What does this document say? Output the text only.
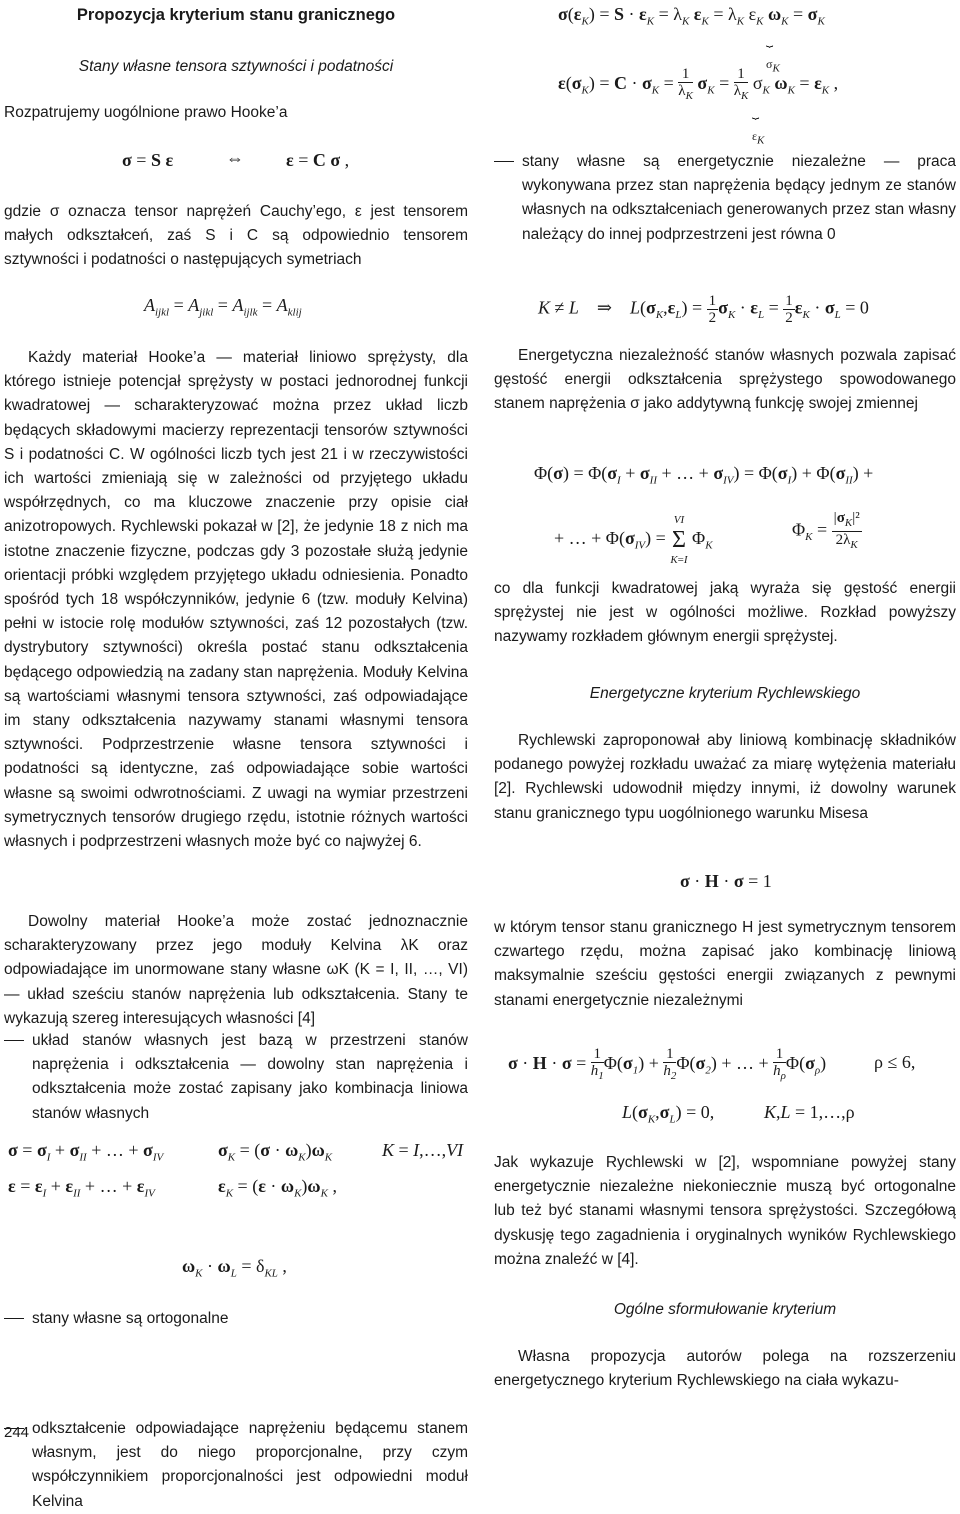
Propozycja kryterium stanu granicznego
Stany własne tensora sztywności i podatności
Rozpatrujemy uogólnione prawo Hooke’a
σ = S ε	⇔ ε = C σ ,
gdzie σ oznacza tensor naprężeń Cauchy’ego, ε jest tensorem małych odkształceń, zaś S i C są odpowiednio tensorem sztywności i podatności o następujących symetriach
$A_{ijkl} = A_{jikl} = A_{ijlk} = A_{klij}$
Każdy materiał Hooke’a — materiał liniowo sprężysty, dla którego istnieje potencjał sprężysty w postaci jednorodnej funkcji kwadratowej — scharakteryzować można przez układ liczb będących składowymi macierzy reprezentacji tensorów sztywności S i podatności C. W ogólności liczb tych jest 21 i w rzeczywistości ich wartości zmieniają się w zależności od przyjętego układu współrzędnych, co ma kluczowe znaczenie przy opisie ciał anizotropowych. Rychlewski pokazał w [2], że jedynie 18 z nich ma istotne znaczenie fizyczne, podczas gdy 3 pozostałe służą jedynie orientacji próbki względem przyjętego układu odniesienia. Ponadto spośród tych 18 współczynników, jedynie 6 (tzw. moduły Kelvina) pełni w istocie rolę modułów sztywności, zaś 12 pozostałych (tzw. dystrybutory sztywności) określa postać stanu odkształcenia będącego odpowiedzią na zadany stan naprężenia. Moduły Kelvina są wartościami własnymi tensora sztywności, zaś odpowiadające im stany odkształcenia nazywamy stanami własnymi tensora sztywności. Podprzestrzenie własne tensora sztywności i podatności są identyczne, zaś odpowiadające sobie wartości własne są swoimi odwrotnościami. Z uwagi na wymiar przestrzeni symetrycznych tensorów drugiego rzędu, istotnie różnych wartości własnych i podprzestrzeni własnych może być co najwyżej 6.
Dowolny materiał Hooke’a może zostać jednoznacznie scharakteryzowany przez jego moduły Kelvina λK oraz odpowiadające im unormowane stany własne ωK (K = I, II, …, VI) — układ sześciu stanów naprężenia lub odkształcenia. Stany te wykazują szereg interesujących własności [4]
układ stanów własnych jest bazą w przestrzeni stanów naprężenia i odkształcenia — dowolny stan naprężenia i odkształcenia może zostać zapisany jako kombinacja liniowa stanów własnych
$\sigma = \sigma_I + \sigma_{II}$ + … + $\sigma_{IV}$	$\sigma_K = (\sigma \cdot \omega_K)\omega_K$	K = I,…,VI
$\varepsilon = \varepsilon_I + \varepsilon_{II}$ + … + $\varepsilon_{IV}$	$\varepsilon_K = (\varepsilon \cdot \omega_K)\omega_K$ ,
stany własne są ortogonalne
$\omega_K \cdot \omega_L = \delta_{KL}$ ,
odkształcenie odpowiadające naprężeniu będącemu stanem własnym, jest do niego proporcjonalne, przy czym współczynnikiem proporcjonalności jest odpowiedni moduł Kelvina
$\sigma(\varepsilon_K) = S \cdot \varepsilon_K = \lambda_K$ $\varepsilon_K = \lambda_K$ $\varepsilon_K$ $\omega_K = \sigma_K$
⏟
$\sigma_K$
$\varepsilon(\sigma_K) = C \cdot \sigma_K = \frac{1}{\lambda_K} \sigma_K = \frac{1}{\lambda_K} \sigma_K$ $\omega_K = \varepsilon_K$ ,
⏟
$\varepsilon_K$
stany własne są energetycznie niezależne — praca wykonywana przez stan naprężenia będący jednym ze stanów własnych na odkształceniach generowanych przez stan własny należący do innej podprzestrzeni jest równa 0
K ≠ L    ⇒    $L(\sigma_K,\varepsilon_L) = \frac{1}{2} \sigma_K \cdot \varepsilon_L = \frac{1}{2} \varepsilon_K \cdot \sigma_L = 0$
Energetyczna niezależność stanów własnych pozwala zapisać gęstość energii odkształcenia sprężystego spowodowanego stanem naprężenia σ jako addytywną funkcję swojej zmiennej
$\Phi(\sigma) = \Phi(\sigma_I + \sigma_{II}$ + … + $\sigma_{IV}) = \Phi(\sigma_I) + \Phi(\sigma_{II})$ +
+ … + $\Phi(\sigma_{IV})$ =
VI
Σ
K=I
$\Phi_K$
$\Phi_K = \frac{|\sigma_K|^2}{2\lambda_K}$
co dla funkcji kwadratowej jaką wyraża się gęstość energii sprężystej nie jest w ogólności możliwe. Rozkład powyższy nazywamy rozkładem głównym energii sprężystej.
Energetyczne kryterium Rychlewskiego
Rychlewski zaproponował aby liniową kombinację składników podanego powyżej rozkładu uważać za miarę wytężenia materiału [2]. Rychlewski udowodnił między innymi, iż dowolny warunek stanu granicznego typu uogólnionego warunku Misesa
σ · H · σ = 1
w którym tensor stanu granicznego H jest symetrycznym tensorem czwartego rzędu, można zapisać jako kombinację liniową maksymalnie sześciu gęstości energii związanych z pewnymi stanami energetycznie niezależnymi
$\sigma \cdot H \cdot \sigma = \frac{1}{h_1} \Phi(\sigma_1) + \frac{1}{h_2} \Phi(\sigma_2)$ + … + $\frac{1}{h_\rho} \Phi(\sigma_\rho)$	ρ ≤ 6,
$L(\sigma_K,\sigma_L) = 0$,	K,L = 1,…,ρ
Jak wykazuje Rychlewski w [2], wspomniane powyżej stany energetycznie niezależne niekoniecznie muszą być ortogonalne lub też być stanami własnymi tensora sprężystości. Szczegółową dyskusję tego zagadnienia i oryginalnych wyników Rychlewskiego można znaleźć w [4].
Ogólne sformułowanie kryterium
Własna propozycja autorów polega na rozszerzeniu energetycznego kryterium Rychlewskiego na ciała wykazu-
244
